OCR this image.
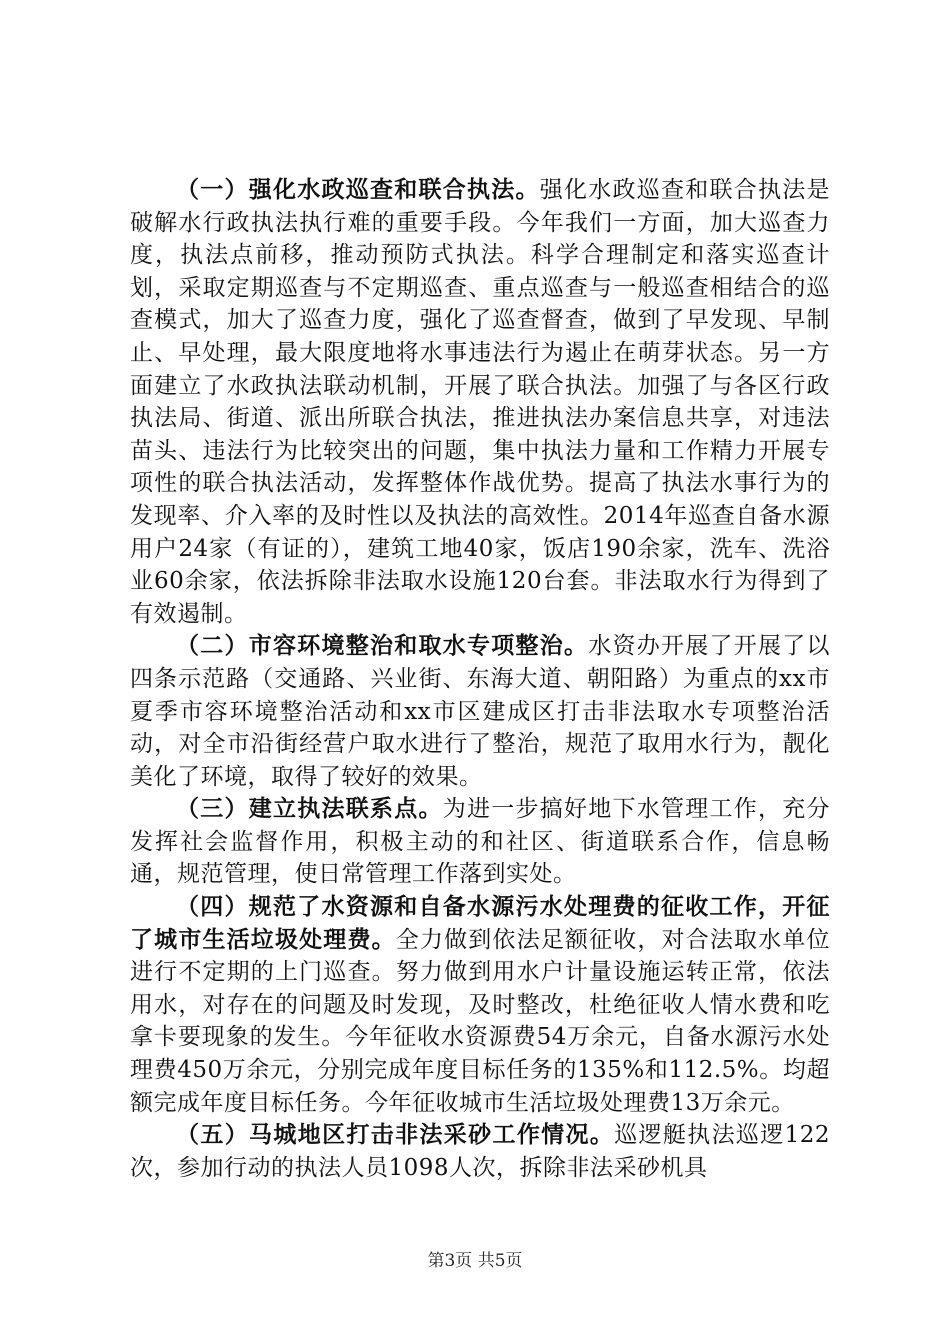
（一）强化水政巡查和联合执法。强化水政巡查和联合执法是破解水行政执法执行难的重要手段。今年我们一方面，加大巡查力度，执法点前移，推动预防式执法。科学合理制定和落实巡查计划，采取定期巡查与不定期巡查、重点巡查与一般巡查相结合的巡查模式，加大了巡查力度，强化了巡查督查，做到了早发现、早制止、早处理，最大限度地将水事违法行为遏止在萌芽状态。另一方面建立了水政执法联动机制，开展了联合执法。加强了与各区行政执法局、街道、派出所联合执法，推进执法办案信息共享，对违法苗头、违法行为比较突出的问题，集中执法力量和工作精力开展专项性的联合执法活动，发挥整体作战优势。提高了执法水事行为的发现率、介入率的及时性以及执法的高效性。2014年巡查自备水源用户24家（有证的），建筑工地40家，饭店190余家，洗车、洗浴业60余家，依法拆除非法取水设施120台套。非法取水行为得到了有效遏制。

（二）市容环境整治和取水专项整治。水资办开展了开展了以四条示范路（交通路、兴业街、东海大道、朝阳路）为重点的xx市夏季市容环境整治活动和xx市区建成区打击非法取水专项整治活动，对全市沿街经营户取水进行了整治，规范了取用水行为，靓化美化了环境，取得了较好的效果。

（三）建立执法联系点。为进一步搞好地下水管理工作，充分发挥社会监督作用，积极主动的和社区、街道联系合作，信息畅通，规范管理，使日常管理工作落到实处。

（四）规范了水资源和自备水源污水处理费的征收工作，开征了城市生活垃圾处理费。全力做到依法足额征收，对合法取水单位进行不定期的上门巡查。努力做到用水户计量设施运转正常，依法用水，对存在的问题及时发现，及时整改，杜绝征收人情水费和吃拿卡要现象的发生。今年征收水资源费54万余元，自备水源污水处理费450万余元，分别完成年度目标任务的135%和112.5%。均超额完成年度目标任务。今年征收城市生活垃圾处理费13万余元。

（五）马城地区打击非法采砂工作情况。巡逻艇执法巡逻122次，参加行动的执法人员1098人次，拆除非法采砂机具

第3页 共5页
